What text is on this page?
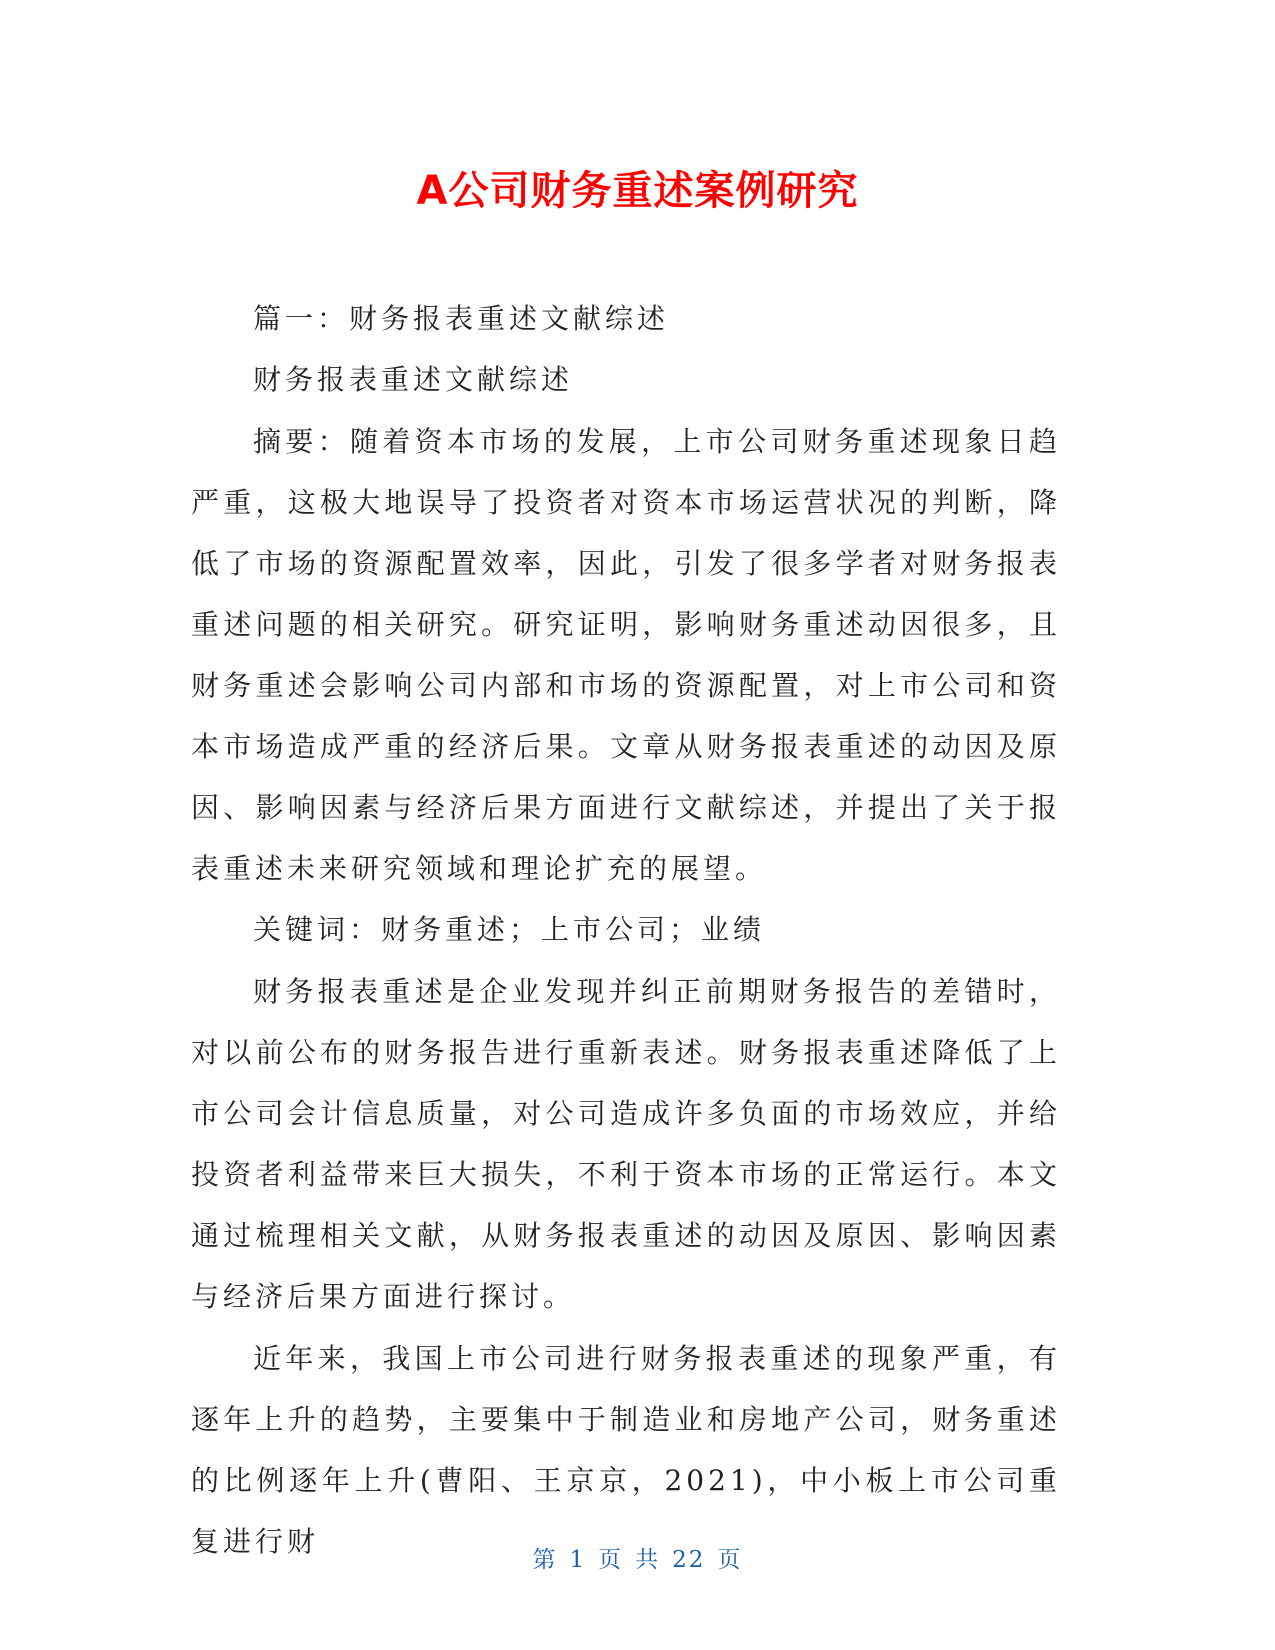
A公司财务重述案例研究

篇一：财务报表重述文献综述

财务报表重述文献综述

摘要：随着资本市场的发展，上市公司财务重述现象日趋严重，这极大地误导了投资者对资本市场运营状况的判断，降低了市场的资源配置效率，因此，引发了很多学者对财务报表重述问题的相关研究。研究证明，影响财务重述动因很多，且财务重述会影响公司内部和市场的资源配置，对上市公司和资本市场造成严重的经济后果。文章从财务报表重述的动因及原因、影响因素与经济后果方面进行文献综述，并提出了关于报表重述未来研究领域和理论扩充的展望。

关键词：财务重述；上市公司；业绩

财务报表重述是企业发现并纠正前期财务报告的差错时，对以前公布的财务报告进行重新表述。财务报表重述降低了上市公司会计信息质量，对公司造成许多负面的市场效应，并给投资者利益带来巨大损失，不利于资本市场的正常运行。本文通过梳理相关文献，从财务报表重述的动因及原因、影响因素与经济后果方面进行探讨。

近年来，我国上市公司进行财务报表重述的现象严重，有逐年上升的趋势，主要集中于制造业和房地产公司，财务重述的比例逐年上升(曹阳、王京京，2021)，中小板上市公司重复进行财

第 1 页 共 22 页
